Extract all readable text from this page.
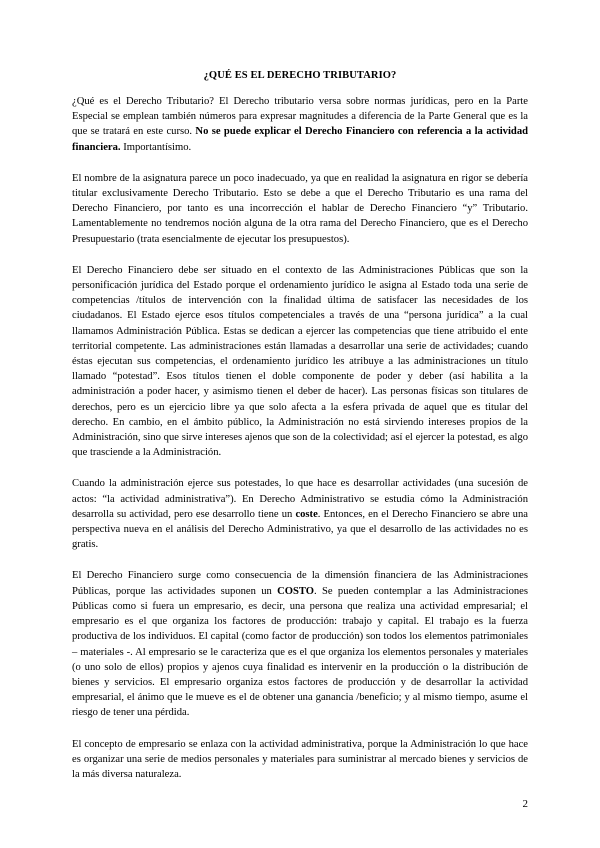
¿QUÉ ES EL DERECHO TRIBUTARIO?

¿Qué es el Derecho Tributario? El Derecho tributario versa sobre normas jurídicas, pero en la Parte Especial se emplean también números para expresar magnitudes a diferencia de la Parte General que es la que se tratará en este curso. No se puede explicar el Derecho Financiero con referencia a la actividad financiera. Importantísimo.

El nombre de la asignatura parece un poco inadecuado, ya que en realidad la asignatura en rigor se debería titular exclusivamente Derecho Tributario. Esto se debe a que el Derecho Tributario es una rama del Derecho Financiero, por tanto es una incorrección el hablar de Derecho Financiero “y” Tributario. Lamentablemente no tendremos noción alguna de la otra rama del Derecho Financiero, que es el Derecho Presupuestario (trata esencialmente de ejecutar los presupuestos).

El Derecho Financiero debe ser situado en el contexto de las Administraciones Públicas que son la personificación jurídica del Estado porque el ordenamiento jurídico le asigna al Estado toda una serie de competencias /títulos de intervención con la finalidad última de satisfacer las necesidades de los ciudadanos. El Estado ejerce esos títulos competenciales a través de una “persona jurídica” a la cual llamamos Administración Pública. Estas se dedican a ejercer las competencias que tiene atribuido el ente territorial competente. Las administraciones están llamadas a desarrollar una serie de actividades; cuando éstas ejecutan sus competencias, el ordenamiento jurídico les atribuye a las administraciones un título llamado “potestad”. Esos títulos tienen el doble componente de poder y deber (así habilita a la administración a poder hacer, y asimismo tienen el deber de hacer). Las personas físicas son titulares de derechos, pero es un ejercicio libre ya que solo afecta a la esfera privada de aquel que es titular del derecho. En cambio, en el ámbito público, la Administración no está sirviendo intereses propios de la Administración, sino que sirve intereses ajenos que son de la colectividad; así el ejercer la potestad, es algo que trasciende a la Administración.

Cuando la administración ejerce sus potestades, lo que hace es desarrollar actividades (una sucesión de actos: “la actividad administrativa”). En Derecho Administrativo se estudia cómo la Administración desarrolla su actividad, pero ese desarrollo tiene un coste. Entonces, en el Derecho Financiero se abre una perspectiva nueva en el análisis del Derecho Administrativo, ya que el desarrollo de las actividades no es gratis.

El Derecho Financiero surge como consecuencia de la dimensión financiera de las Administraciones Públicas, porque las actividades suponen un COSTO. Se pueden contemplar a las Administraciones Públicas como si fuera un empresario, es decir, una persona que realiza una actividad empresarial; el empresario es el que organiza los factores de producción: trabajo y capital. El trabajo es la fuerza productiva de los individuos. El capital (como factor de producción) son todos los elementos patrimoniales – materiales -. Al empresario se le caracteriza que es el que organiza los elementos personales y materiales (o uno solo de ellos) propios y ajenos cuya finalidad es intervenir en la producción o la distribución de bienes y servicios. El empresario organiza estos factores de producción y de desarrollar la actividad empresarial, el ánimo que le mueve es el de obtener una ganancia /beneficio; y al mismo tiempo, asume el riesgo de tener una pérdida.

El concepto de empresario se enlaza con la actividad administrativa, porque la Administración lo que hace es organizar una serie de medios personales y materiales para suministrar al mercado bienes y servicios de la más diversa naturaleza.

2
